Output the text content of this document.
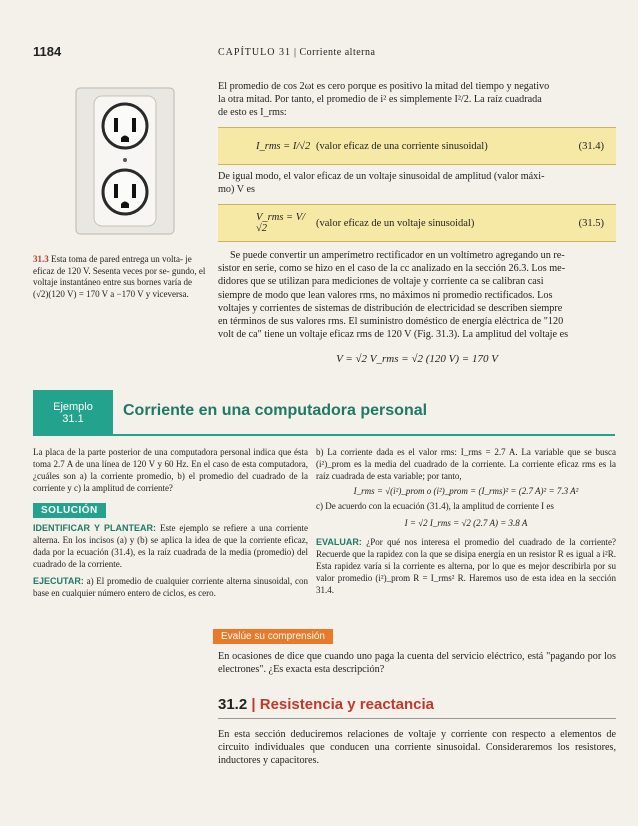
1184	CAPÍTULO 31 | Corriente alterna
31.3 Esta toma de pared entrega un volta- je eficaz de 120 V. Sesenta veces por se- gundo, el voltaje instantáneo entre sus bornes varía de (√2)(120 V) = 170 V a −170 V y viceversa.

El promedio de cos 2ωt es cero porque es positivo la mitad del tiempo y negativo

la otra mitad. Por tanto, el promedio de i² es simplemente I²/2. La raíz cuadrada

de esto es I_rms:

I_rms = I/√2 (valor eficaz de una corriente sinusoidal)	(31.4)

De igual modo, el valor eficaz de un voltaje sinusoidal de amplitud (valor máxi-

mo) V es

V_rms = V/√2	(valor eficaz de un voltaje sinusoidal)	(31.5)

Se puede convertir un amperímetro rectificador en un voltímetro agregando un re-

sistor en serie, como se hizo en el caso de la cc analizado en la sección 26.3. Los me-

didores que se utilizan para mediciones de voltaje y corriente ca se calibran casi

siempre de modo que lean valores rms, no máximos ni promedio rectificados. Los

voltajes y corrientes de sistemas de distribución de electricidad se describen siempre

en términos de sus valores rms. El suministro doméstico de energía eléctrica de "120

volt de ca" tiene un voltaje eficaz rms de 120 V (Fig. 31.3). La amplitud del voltaje es

V = √2 V_rms = √2 (120 V) = 170 V
Ejemplo
31.1	Corriente en una computadora personal

La placa de la parte posterior de una computadora personal indica que ésta toma 2.7 A de una línea de 120 V y 60 Hz. En el caso de esta computadora, ¿cuáles son a) la corriente promedio, b) el promedio del cuadrado de la corriente y c) la amplitud de corriente?

SOLUCIÓN

IDENTIFICAR Y PLANTEAR: Este ejemplo se refiere a una corriente alterna. En los incisos (a) y (b) se aplica la idea de que la corriente eficaz, dada por la ecuación (31.4), es la raíz cuadrada de la media (promedio) del cuadrado de la corriente.

EJECUTAR: a) El promedio de cualquier corriente alterna sinusoidal, con base en cualquier número entero de ciclos, es cero.

b) La corriente dada es el valor rms: I_rms = 2.7 A. La variable que se busca (i²)_prom es la media del cuadrado de la corriente. La corriente eficaz rms es la raíz cuadrada de esta variable; por tanto,

I_rms = √(i²)_prom o (i²)_prom = (I_rms)² = (2.7 A)² = 7.3 A²

c) De acuerdo con la ecuación (31.4), la amplitud de corriente I es

I = √2 I_rms = √2 (2.7 A) = 3.8 A

EVALUAR: ¿Por qué nos interesa el promedio del cuadrado de la corriente? Recuerde que la rapidez con la que se disipa energía en un resistor R es igual a i²R. Esta rapidez varía si la corriente es alterna, por lo que es mejor describirla por su valor promedio (i²)_prom R = I_rms² R. Haremos uso de esta idea en la sección 31.4.

Evalúe su comprensión

En ocasiones de dice que cuando uno paga la cuenta del servicio eléctrico, está "pagando por los electrones". ¿Es exacta esta descripción?

31.2 | Resistencia y reactancia

En esta sección deduciremos relaciones de voltaje y corriente con respecto a elementos de circuito individuales que conducen una corriente sinusoidal. Consideraremos los resistores, inductores y capacitores.
